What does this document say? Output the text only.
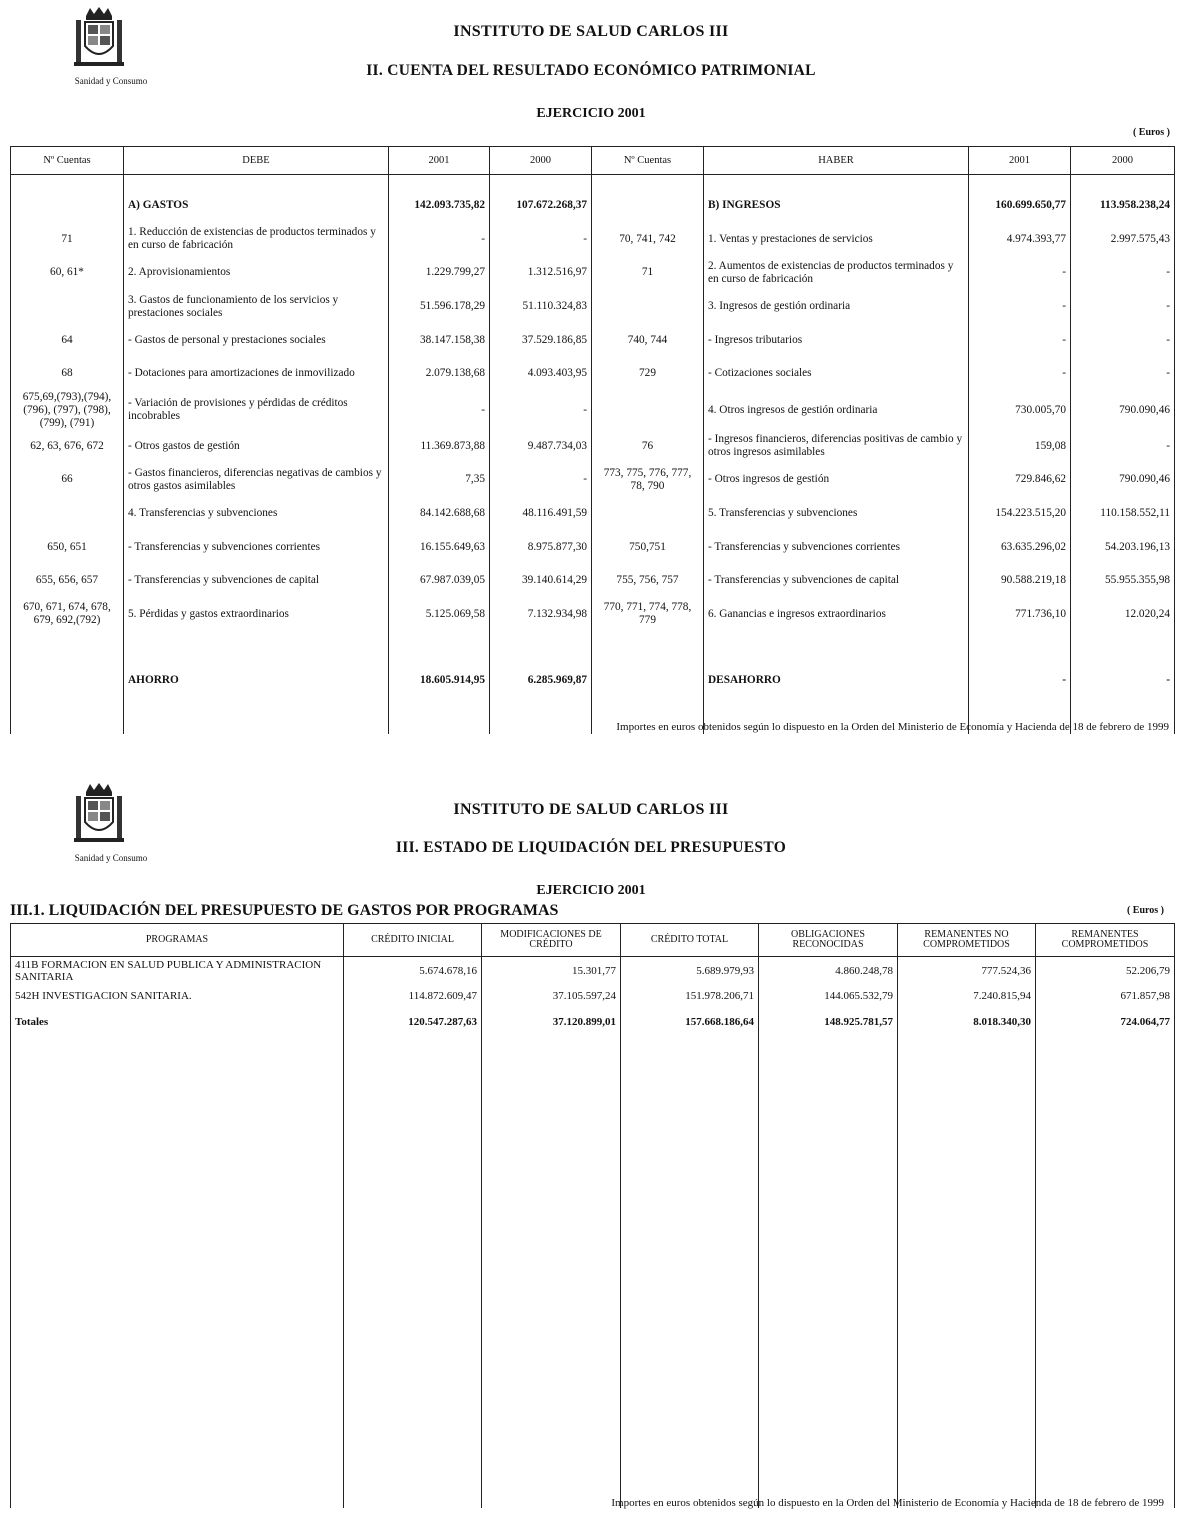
Sanidad y Consumo
INSTITUTO DE SALUD CARLOS III
II. CUENTA DEL RESULTADO ECONÓMICO PATRIMONIAL
EJERCICIO 2001
( Euros )
Nº Cuentas	DEBE	2001	2000	Nº Cuentas	HABER	2001	2000

	A) GASTOS	142.093.735,82	107.672.268,37		B) INGRESOS	160.699.650,77	113.958.238,24
71	1. Reducción de existencias de productos terminados y en curso de fabricación	-	-	70, 741, 742	1. Ventas y prestaciones de servicios	4.974.393,77	2.997.575,43
60, 61*	2. Aprovisionamientos	1.229.799,27	1.312.516,97	71	2. Aumentos de existencias de productos terminados y en curso de fabricación	-	-
	3. Gastos de funcionamiento de los servicios y prestaciones sociales	51.596.178,29	51.110.324,83		3. Ingresos de gestión ordinaria	-	-
64	- Gastos de personal y prestaciones sociales	38.147.158,38	37.529.186,85	740, 744	- Ingresos tributarios	-	-
68	- Dotaciones para amortizaciones de inmovilizado	2.079.138,68	4.093.403,95	729	- Cotizaciones sociales	-	-
675,69,(793),(794), (796), (797), (798), (799), (791)	- Variación de provisiones y pérdidas de créditos incobrables	-	-		4. Otros ingresos de gestión ordinaria	730.005,70	790.090,46
62, 63, 676, 672	- Otros gastos de gestión	11.369.873,88	9.487.734,03	76	- Ingresos financieros, diferencias positivas de cambio y otros ingresos asimilables	159,08	-
66	- Gastos financieros, diferencias negativas de cambios y otros gastos asimilables	7,35	-	773, 775, 776, 777, 78, 790	- Otros ingresos de gestión	729.846,62	790.090,46
	4. Transferencias y subvenciones	84.142.688,68	48.116.491,59		5. Transferencias y subvenciones	154.223.515,20	110.158.552,11
650, 651	- Transferencias y subvenciones corrientes	16.155.649,63	8.975.877,30	750,751	- Transferencias y subvenciones corrientes	63.635.296,02	54.203.196,13
655, 656, 657	- Transferencias y subvenciones de capital	67.987.039,05	39.140.614,29	755, 756, 757	- Transferencias y subvenciones de capital	90.588.219,18	55.955.355,98
670, 671, 674, 678, 679, 692,(792)	5. Pérdidas y gastos extraordinarios	5.125.069,58	7.132.934,98	770, 771, 774, 778, 779	6. Ganancias e ingresos extraordinarios	771.736,10	12.020,24

	AHORRO	18.605.914,95	6.285.969,87		DESAHORRO	-	-

Importes en euros obtenidos según lo dispuesto en la Orden del Ministerio de Economía y Hacienda de 18 de febrero de 1999
Sanidad y Consumo
INSTITUTO DE SALUD CARLOS III
III. ESTADO DE LIQUIDACIÓN DEL PRESUPUESTO
EJERCICIO 2001
III.1. LIQUIDACIÓN DEL PRESUPUESTO DE GASTOS POR PROGRAMAS	( Euros )
PROGRAMAS	CRÉDITO INICIAL	MODIFICACIONES DE CRÉDITO	CRÉDITO TOTAL	OBLIGACIONES RECONOCIDAS	REMANENTES NO COMPROMETIDOS	REMANENTES COMPROMETIDOS
411B FORMACION EN SALUD PUBLICA Y ADMINISTRACION SANITARIA	5.674.678,16	15.301,77	5.689.979,93	4.860.248,78	777.524,36	52.206,79
542H INVESTIGACION SANITARIA.	114.872.609,47	37.105.597,24	151.978.206,71	144.065.532,79	7.240.815,94	671.857,98
Totales	120.547.287,63	37.120.899,01	157.668.186,64	148.925.781,57	8.018.340,30	724.064,77

Importes en euros obtenidos según lo dispuesto en la Orden del Ministerio de Economía y Hacienda de 18 de febrero de 1999
